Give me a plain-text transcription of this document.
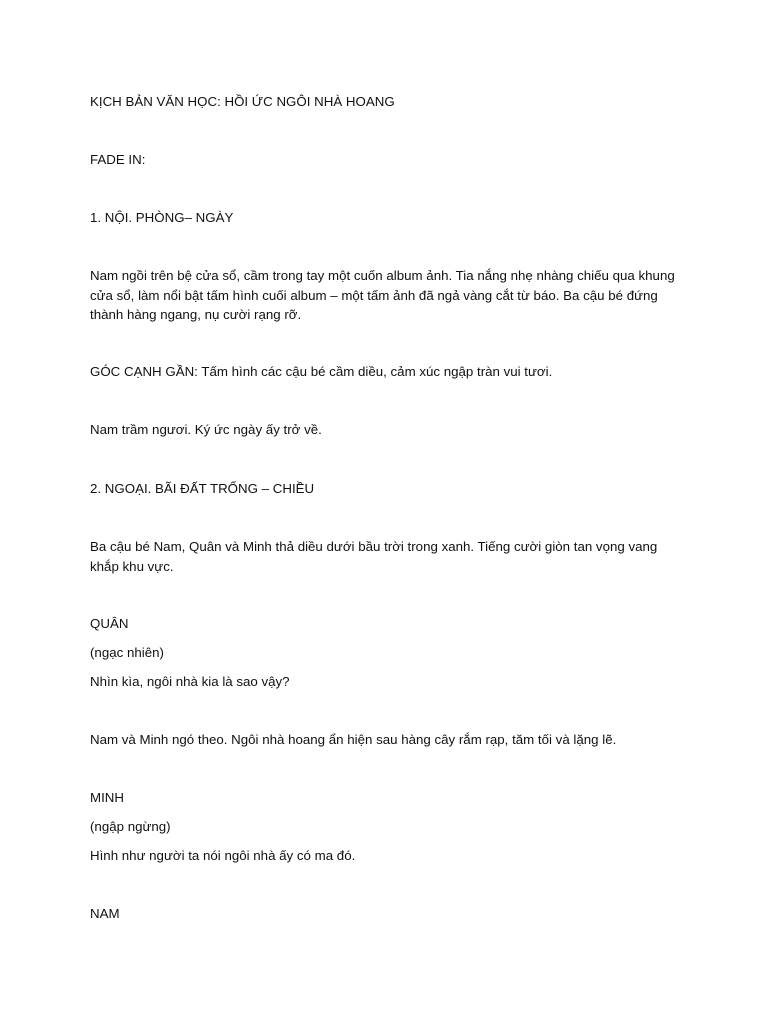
KỊCH BẢN VĂN HỌC: HỒI ỨC NGÔI NHÀ HOANG

FADE IN:

1. NỘI. PHÒNG– NGÀY

Nam ngồi trên bệ cửa sổ, cầm trong tay một cuốn album ảnh. Tia nắng nhẹ nhàng chiếu qua khung cửa sổ, làm nổi bật tấm hình cuối album – một tấm ảnh đã ngả vàng cắt từ báo. Ba cậu bé đứng thành hàng ngang, nụ cười rạng rỡ.

GÓC CẠNH GẦN: Tấm hình các cậu bé cầm diều, cảm xúc ngập tràn vui tươi.

Nam trầm ngươi. Ký ức ngày ấy trở về.

2. NGOẠI. BÃI ĐẤT TRỐNG – CHIỀU

Ba cậu bé Nam, Quân và Minh thả diều dưới bầu trời trong xanh. Tiếng cười giòn tan vọng vang khắp khu vực.

QUÂN

(ngạc nhiên)

Nhìn kìa, ngôi nhà kia là sao vậy?

Nam và Minh ngó theo. Ngôi nhà hoang ẩn hiện sau hàng cây rắm rạp, tăm tối và lặng lẽ.

MINH

(ngập ngừng)

Hình như người ta nói ngôi nhà ấy có ma đó.

NAM
